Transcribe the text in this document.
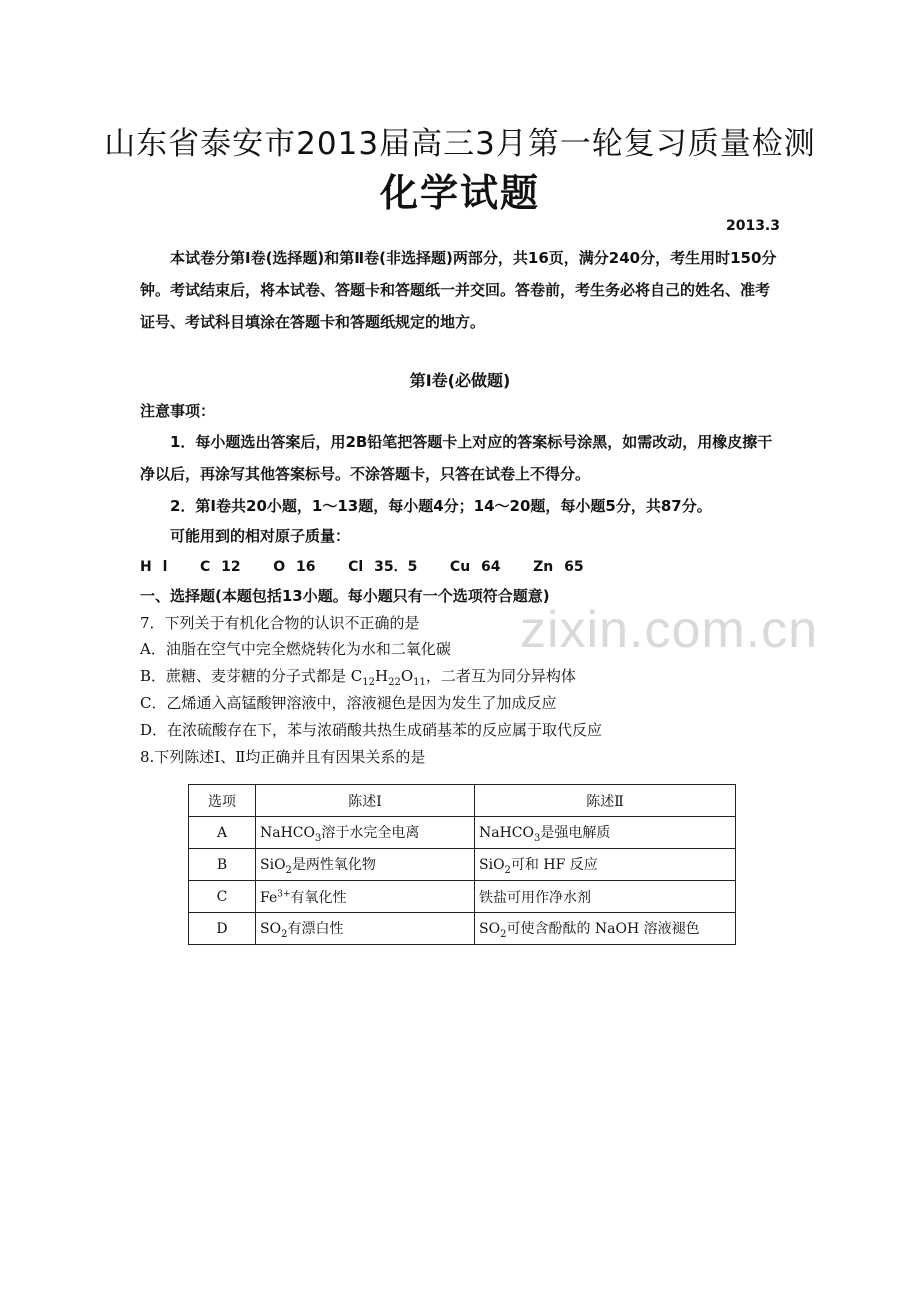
zixin.com.cn
山东省泰安市2013届高三3月第一轮复习质量检测
化学试题
2013.3
本试卷分第Ⅰ卷(选择题)和第Ⅱ卷(非选择题)两部分，共16页，满分240分，考生用时150分钟。考试结束后，将本试卷、答题卡和答题纸一并交回。答卷前，考生务必将自己的姓名、准考证号、考试科目填涂在答题卡和答题纸规定的地方。
第Ⅰ卷(必做题)
注意事项：
1．每小题选出答案后，用2B铅笔把答题卡上对应的答案标号涂黑，如需改动，用橡皮擦干净以后，再涂写其他答案标号。不涂答题卡，只答在试卷上不得分。
2．第Ⅰ卷共20小题，1～13题，每小题4分；14～20题，每小题5分，共87分。
可能用到的相对原子质量：
H l   C 12   O 16   Cl 35．5   Cu 64   Zn 65
一、选择题(本题包括13小题。每小题只有一个选项符合题意)
7．下列关于有机化合物的认识不正确的是
A．油脂在空气中完全燃烧转化为水和二氧化碳
B．蔗糖、麦芽糖的分子式都是 $C_{12}H_{22}O_{11}$，二者互为同分异构体
C．乙烯通入高锰酸钾溶液中，溶液褪色是因为发生了加成反应
D．在浓硫酸存在下，苯与浓硝酸共热生成硝基苯的反应属于取代反应
8.下列陈述Ⅰ、Ⅱ均正确并且有因果关系的是
选项	陈述Ⅰ	陈述Ⅱ
A	NaHCO$_3$溶于水完全电离	NaHCO$_3$是强电解质
B	SiO$_2$是两性氧化物	SiO$_2$可和 HF 反应
C	$Fe^{3+}$有氧化性	铁盐可用作净水剂
D	$SO_2$有漂白性	$SO_2$可使含酚酞的 NaOH 溶液褪色
